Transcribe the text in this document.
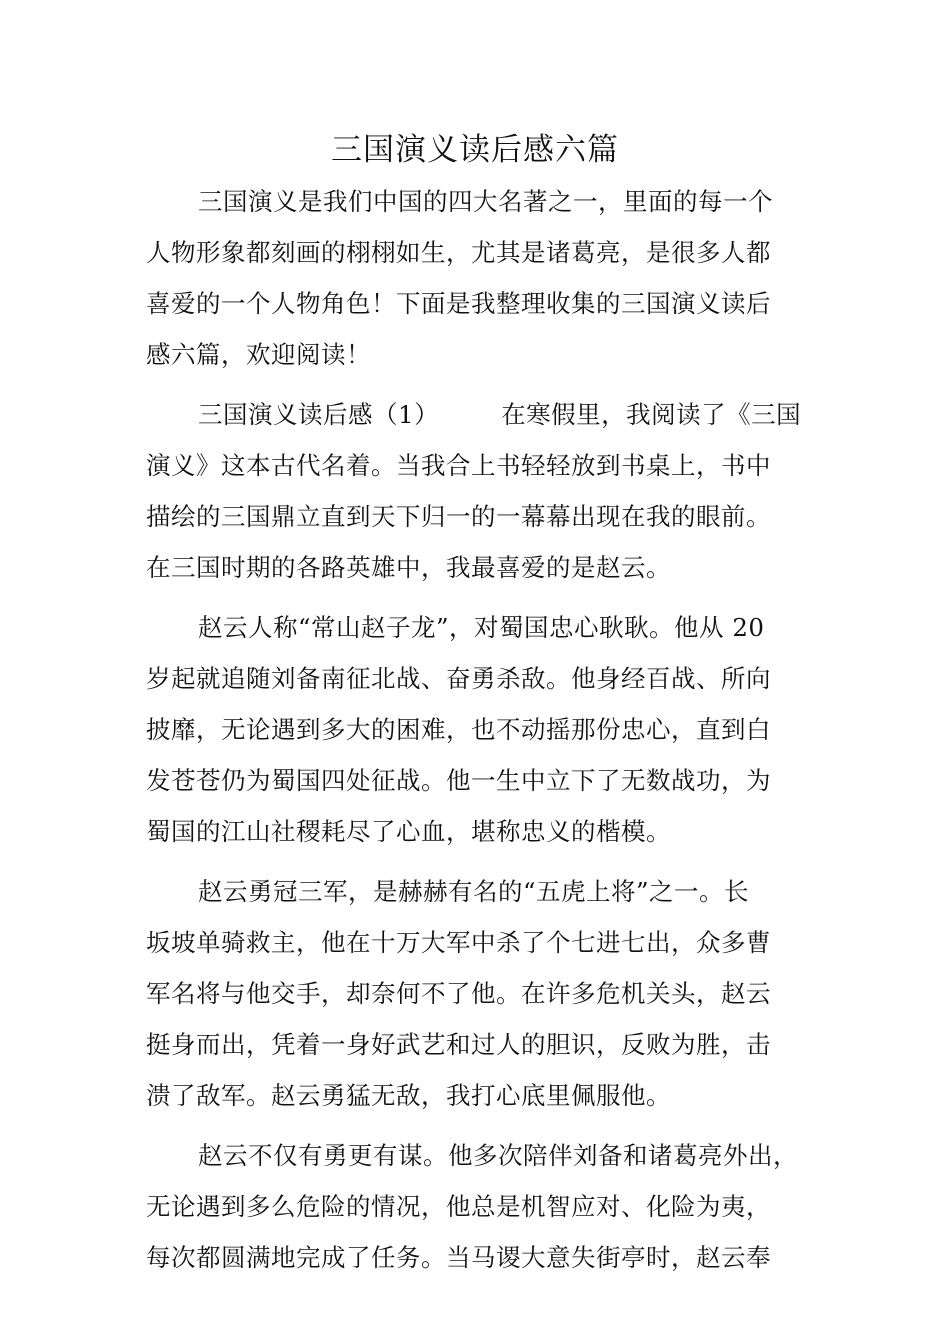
三国演义读后感六篇
三国演义是我们中国的四大名著之一，里面的每一个
人物形象都刻画的栩栩如生，尤其是诸葛亮，是很多人都
喜爱的一个人物角色！下面是我整理收集的三国演义读后
感六篇，欢迎阅读！
三国演义读后感（1）	在寒假里，我阅读了《三国
演义》这本古代名着。当我合上书轻轻放到书桌上，书中
描绘的三国鼎立直到天下归一的一幕幕出现在我的眼前。
在三国时期的各路英雄中，我最喜爱的是赵云。
赵云人称“常山赵子龙”，对蜀国忠心耿耿。他从 20
岁起就追随刘备南征北战、奋勇杀敌。他身经百战、所向
披靡，无论遇到多大的困难，也不动摇那份忠心，直到白
发苍苍仍为蜀国四处征战。他一生中立下了无数战功，为
蜀国的江山社稷耗尽了心血，堪称忠义的楷模。
赵云勇冠三军，是赫赫有名的“五虎上将”之一。长
坂坡单骑救主，他在十万大军中杀了个七进七出，众多曹
军名将与他交手，却奈何不了他。在许多危机关头，赵云
挺身而出，凭着一身好武艺和过人的胆识，反败为胜，击
溃了敌军。赵云勇猛无敌，我打心底里佩服他。
赵云不仅有勇更有谋。他多次陪伴刘备和诸葛亮外出，
无论遇到多么危险的情况，他总是机智应对、化险为夷，
每次都圆满地完成了任务。当马谡大意失街亭时，赵云奉
